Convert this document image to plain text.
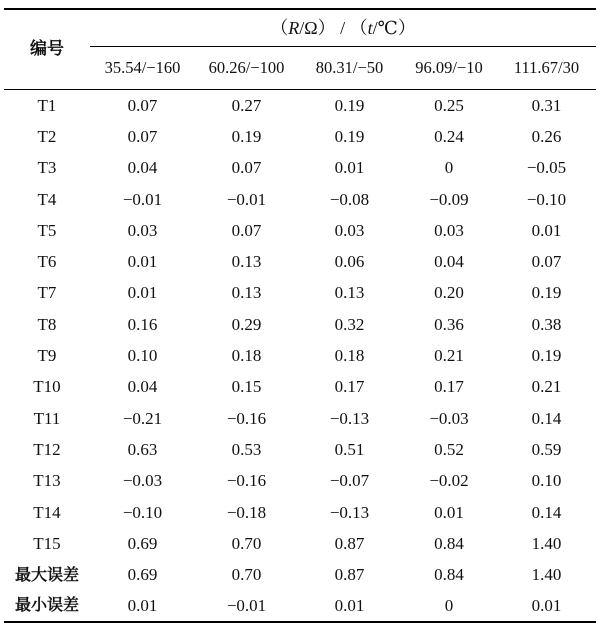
编号	（R/Ω） / （t/℃）				
	35.54/−160	60.26/−100	80.31/−50	96.09/−10	111.67/30
T1	0.07	0.27	0.19	0.25	0.31
T2	0.07	0.19	0.19	0.24	0.26
T3	0.04	0.07	0.01	0	−0.05
T4	−0.01	−0.01	−0.08	−0.09	−0.10
T5	0.03	0.07	0.03	0.03	0.01
T6	0.01	0.13	0.06	0.04	0.07
T7	0.01	0.13	0.13	0.20	0.19
T8	0.16	0.29	0.32	0.36	0.38
T9	0.10	0.18	0.18	0.21	0.19
T10	0.04	0.15	0.17	0.17	0.21
T11	−0.21	−0.16	−0.13	−0.03	0.14
T12	0.63	0.53	0.51	0.52	0.59
T13	−0.03	−0.16	−0.07	−0.02	0.10
T14	−0.10	−0.18	−0.13	0.01	0.14
T15	0.69	0.70	0.87	0.84	1.40
最大误差	0.69	0.70	0.87	0.84	1.40
最小误差	0.01	−0.01	0.01	0	0.01
